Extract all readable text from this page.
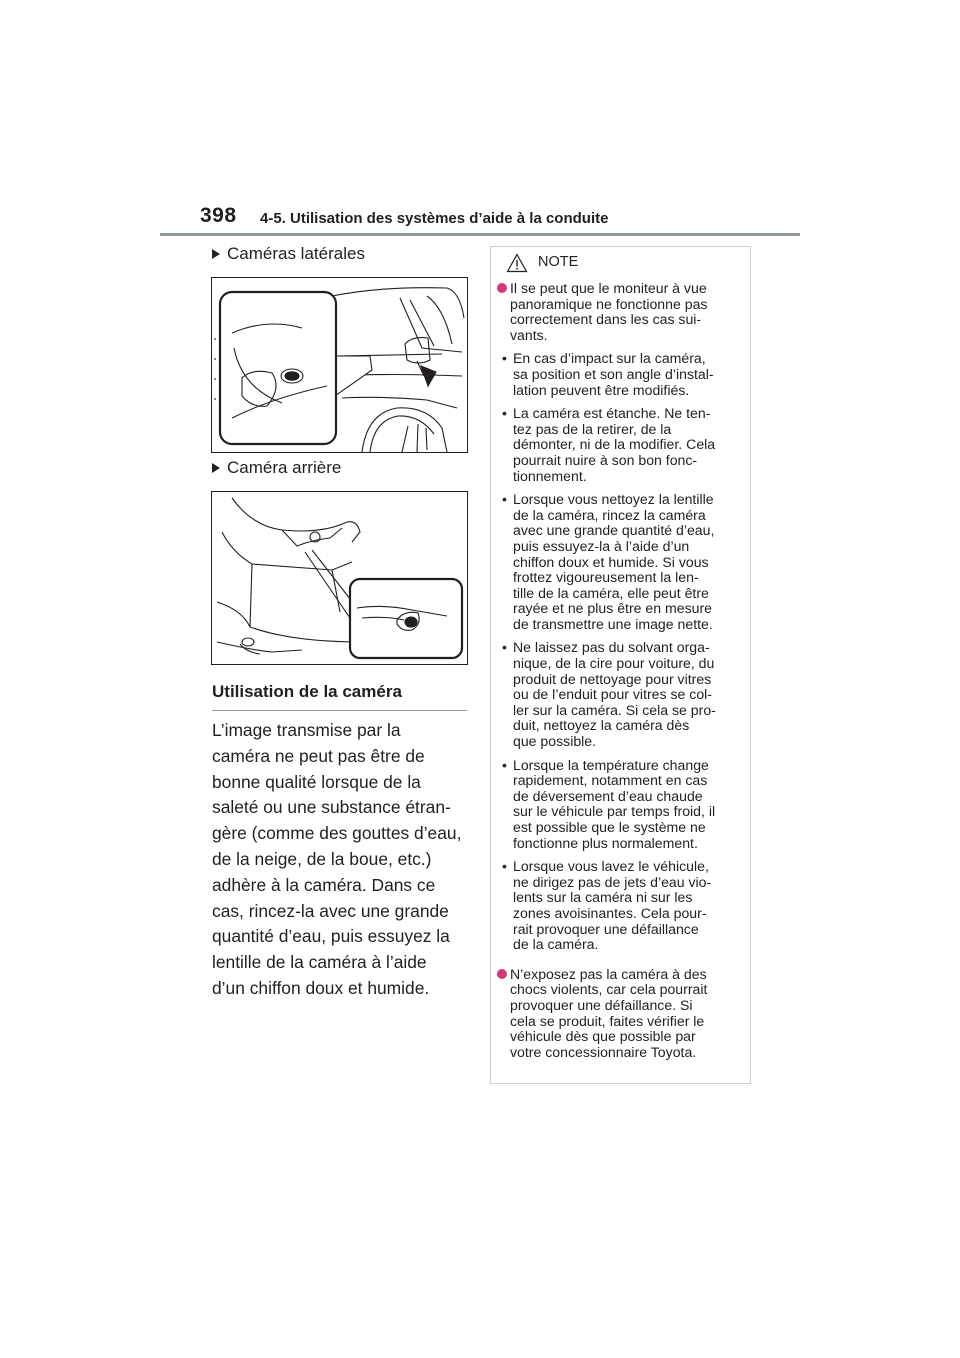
398 4-5. Utilisation des systèmes d’aide à la conduite
Caméras latérales
Caméra arrière
Utilisation de la caméra
L’image transmise par la
caméra ne peut pas être de
bonne qualité lorsque de la
saleté ou une substance étran-
gère (comme des gouttes d’eau,
de la neige, de la boue, etc.)
adhère à la caméra. Dans ce
cas, rincez-la avec une grande
quantité d’eau, puis essuyez la
lentille de la caméra à l’aide
d’un chiffon doux et humide.
NOTE
Il se peut que le moniteur à vue
panoramique ne fonctionne pas
correctement dans les cas sui-
vants.
• En cas d’impact sur la caméra,
sa position et son angle d’instal-
lation peuvent être modifiés.
• La caméra est étanche. Ne ten-
tez pas de la retirer, de la
démonter, ni de la modifier. Cela
pourrait nuire à son bon fonc-
tionnement.
• Lorsque vous nettoyez la lentille
de la caméra, rincez la caméra
avec une grande quantité d’eau,
puis essuyez-la à l’aide d’un
chiffon doux et humide. Si vous
frottez vigoureusement la len-
tille de la caméra, elle peut être
rayée et ne plus être en mesure
de transmettre une image nette.
• Ne laissez pas du solvant orga-
nique, de la cire pour voiture, du
produit de nettoyage pour vitres
ou de l’enduit pour vitres se col-
ler sur la caméra. Si cela se pro-
duit, nettoyez la caméra dès
que possible.
• Lorsque la température change
rapidement, notamment en cas
de déversement d’eau chaude
sur le véhicule par temps froid, il
est possible que le système ne
fonctionne plus normalement.
• Lorsque vous lavez le véhicule,
ne dirigez pas de jets d’eau vio-
lents sur la caméra ni sur les
zones avoisinantes. Cela pour-
rait provoquer une défaillance
de la caméra.
N’exposez pas la caméra à des
chocs violents, car cela pourrait
provoquer une défaillance. Si
cela se produit, faites vérifier le
véhicule dès que possible par
votre concessionnaire Toyota.
